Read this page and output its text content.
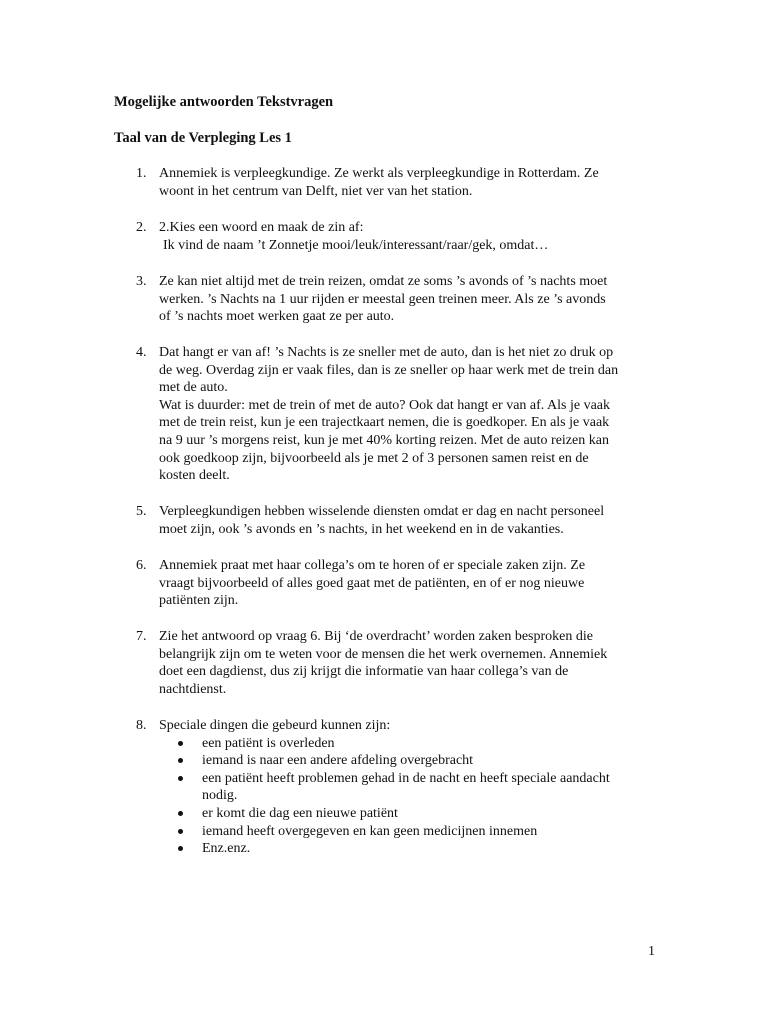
Mogelijke antwoorden Tekstvragen
Taal van de Verpleging Les 1
1. Annemiek is verpleegkundige. Ze werkt als verpleegkundige in Rotterdam. Ze
woont in het centrum van Delft, niet ver van het station.
2. 2.Kies een woord en maak de zin af:
Ik vind de naam ’t Zonnetje mooi/leuk/interessant/raar/gek, omdat…
3. Ze kan niet altijd met de trein reizen, omdat ze soms ’s avonds of ’s nachts moet
werken. ’s Nachts na 1 uur rijden er meestal geen treinen meer. Als ze ’s avonds
of ’s nachts moet werken gaat ze per auto.
4. Dat hangt er van af! ’s Nachts is ze sneller met de auto, dan is het niet zo druk op
de weg. Overdag zijn er vaak files, dan is ze sneller op haar werk met de trein dan
met de auto.
Wat is duurder: met de trein of met de auto? Ook dat hangt er van af. Als je vaak
met de trein reist, kun je een trajectkaart nemen, die is goedkoper. En als je vaak
na 9 uur ’s morgens reist, kun je met 40% korting reizen. Met de auto reizen kan
ook goedkoop zijn, bijvoorbeeld als je met 2 of 3 personen samen reist en de
kosten deelt.
5. Verpleegkundigen hebben wisselende diensten omdat er dag en nacht personeel
moet zijn, ook ’s avonds en ’s nachts, in het weekend en in de vakanties.
6. Annemiek praat met haar collega’s om te horen of er speciale zaken zijn. Ze
vraagt bijvoorbeeld of alles goed gaat met de patiënten, en of er nog nieuwe
patiënten zijn.
7. Zie het antwoord op vraag 6. Bij ‘de overdracht’ worden zaken besproken die
belangrijk zijn om te weten voor de mensen die het werk overnemen. Annemiek
doet een dagdienst, dus zij krijgt die informatie van haar collega’s van de
nachtdienst.
8. Speciale dingen die gebeurd kunnen zijn:
een patiënt is overleden
iemand is naar een andere afdeling overgebracht
een patiënt heeft problemen gehad in de nacht en heeft speciale aandacht
nodig.
er komt die dag een nieuwe patiënt
iemand heeft overgegeven en kan geen medicijnen innemen
Enz.enz.
1
